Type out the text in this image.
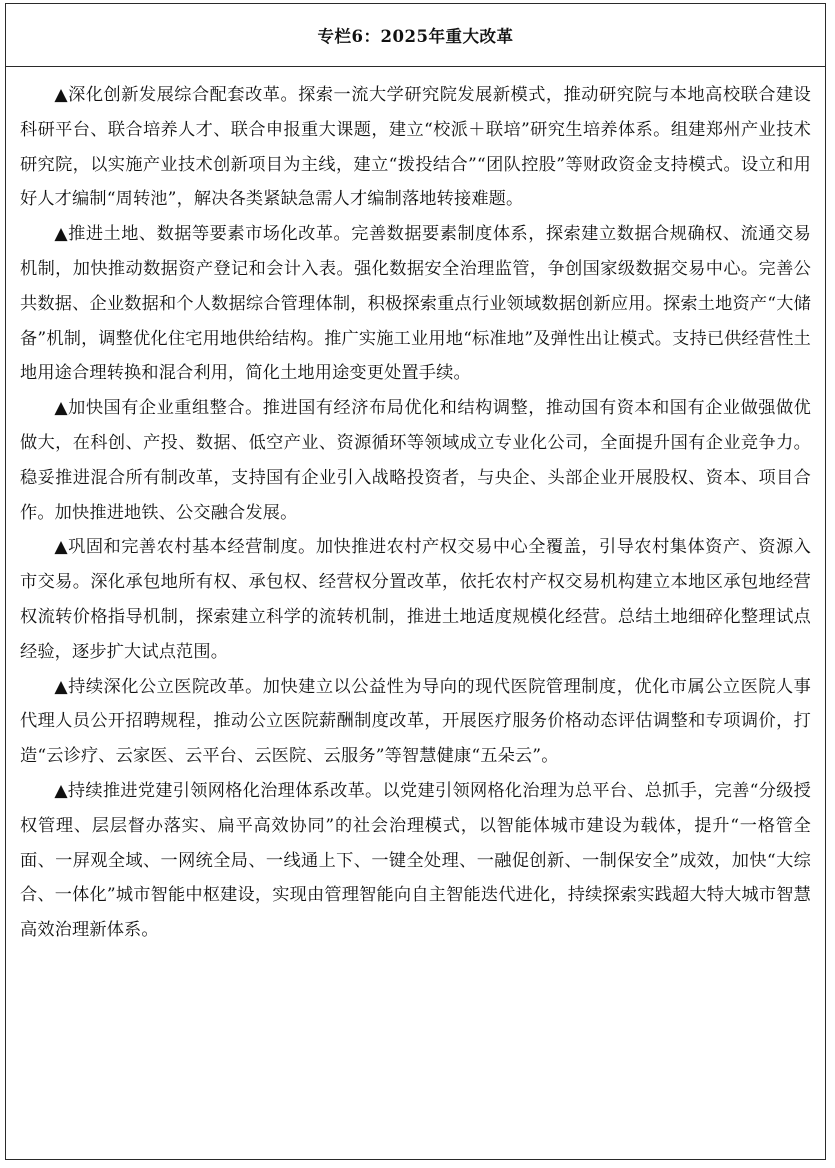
专栏6：2025年重大改革

▲深化创新发展综合配套改革。探索一流大学研究院发展新模式，推动研究院与本地高校联合建设科研平台、联合培养人才、联合申报重大课题，建立“校派＋联培”研究生培养体系。组建郑州产业技术研究院，以实施产业技术创新项目为主线，建立“拨投结合”“团队控股”等财政资金支持模式。设立和用好人才编制“周转池”，解决各类紧缺急需人才编制落地转接难题。

▲推进土地、数据等要素市场化改革。完善数据要素制度体系，探索建立数据合规确权、流通交易机制，加快推动数据资产登记和会计入表。强化数据安全治理监管，争创国家级数据交易中心。完善公共数据、企业数据和个人数据综合管理体制，积极探索重点行业领域数据创新应用。探索土地资产“大储备”机制，调整优化住宅用地供给结构。推广实施工业用地“标准地”及弹性出让模式。支持已供经营性土地用途合理转换和混合利用，简化土地用途变更处置手续。

▲加快国有企业重组整合。推进国有经济布局优化和结构调整，推动国有资本和国有企业做强做优做大，在科创、产投、数据、低空产业、资源循环等领域成立专业化公司，全面提升国有企业竞争力。稳妥推进混合所有制改革，支持国有企业引入战略投资者，与央企、头部企业开展股权、资本、项目合作。加快推进地铁、公交融合发展。

▲巩固和完善农村基本经营制度。加快推进农村产权交易中心全覆盖，引导农村集体资产、资源入市交易。深化承包地所有权、承包权、经营权分置改革，依托农村产权交易机构建立本地区承包地经营权流转价格指导机制，探索建立科学的流转机制，推进土地适度规模化经营。总结土地细碎化整理试点经验，逐步扩大试点范围。

▲持续深化公立医院改革。加快建立以公益性为导向的现代医院管理制度，优化市属公立医院人事代理人员公开招聘规程，推动公立医院薪酬制度改革，开展医疗服务价格动态评估调整和专项调价，打造“云诊疗、云家医、云平台、云医院、云服务”等智慧健康“五朵云”。

▲持续推进党建引领网格化治理体系改革。以党建引领网格化治理为总平台、总抓手，完善“分级授权管理、层层督办落实、扁平高效协同”的社会治理模式，以智能体城市建设为载体，提升“一格管全面、一屏观全域、一网统全局、一线通上下、一键全处理、一融促创新、一制保安全”成效，加快“大综合、一体化”城市智能中枢建设，实现由管理智能向自主智能迭代进化，持续探索实践超大特大城市智慧高效治理新体系。
